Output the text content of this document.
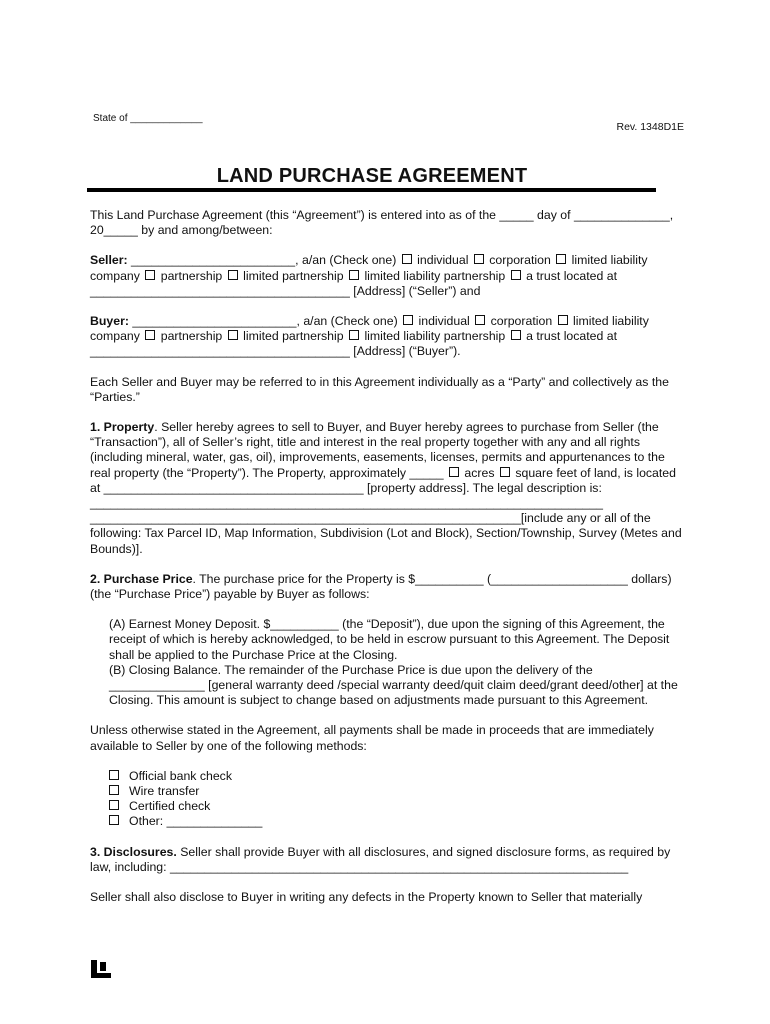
State of _____________
Rev. 1348D1E
LAND PURCHASE AGREEMENT

This Land Purchase Agreement (this “Agreement”) is entered into as of the _____ day of ______________, 20_____ by and among/between:

Seller: ________________________, a/an (Check one)  individual corporation limited liability company partnership limited partnership limited liability partnership a trust located at ______________________________________ [Address] (“Seller”) and

Buyer: ________________________, a/an (Check one)  individual corporation limited liability company partnership limited partnership limited liability partnership a trust located at ______________________________________ [Address] (“Buyer”).

Each Seller and Buyer may be referred to in this Agreement individually as a “Party” and collectively as the “Parties.”

1. Property. Seller hereby agrees to sell to Buyer, and Buyer hereby agrees to purchase from Seller (the “Transaction”), all of Seller’s right, title and interest in the real property together with any and all rights (including mineral, water, gas, oil), improvements, easements, licenses, permits and appurtenances to the real property (the “Property”). The Property, approximately _____  acres square feet of land, is located at ______________________________________ [property address]. The legal description is: ___________________________________________________________________________ _______________________________________________________________[include any or all of the following: Tax Parcel ID, Map Information, Subdivision (Lot and Block), Section/Township, Survey (Metes and Bounds)].

2. Purchase Price. The purchase price for the Property is $__________ (____________________ dollars) (the “Purchase Price”) payable by Buyer as follows:

(A) Earnest Money Deposit. $__________ (the “Deposit”), due upon the signing of this Agreement, the receipt of which is hereby acknowledged, to be held in escrow pursuant to this Agreement. The Deposit shall be applied to the Purchase Price at the Closing.

(B) Closing Balance. The remainder of the Purchase Price is due upon the delivery of the ______________ [general warranty deed /special warranty deed/quit claim deed/grant deed/other] at the Closing. This amount is subject to change based on adjustments made pursuant to this Agreement.

Unless otherwise stated in the Agreement, all payments shall be made in proceeds that are immediately available to Seller by one of the following methods:

Official bank check
Wire transfer
Certified check
Other: ______________

3. Disclosures. Seller shall provide Buyer with all disclosures, and signed disclosure forms, as required by law, including: ___________________________________________________________________

Seller shall also disclose to Buyer in writing any defects in the Property known to Seller that materially
